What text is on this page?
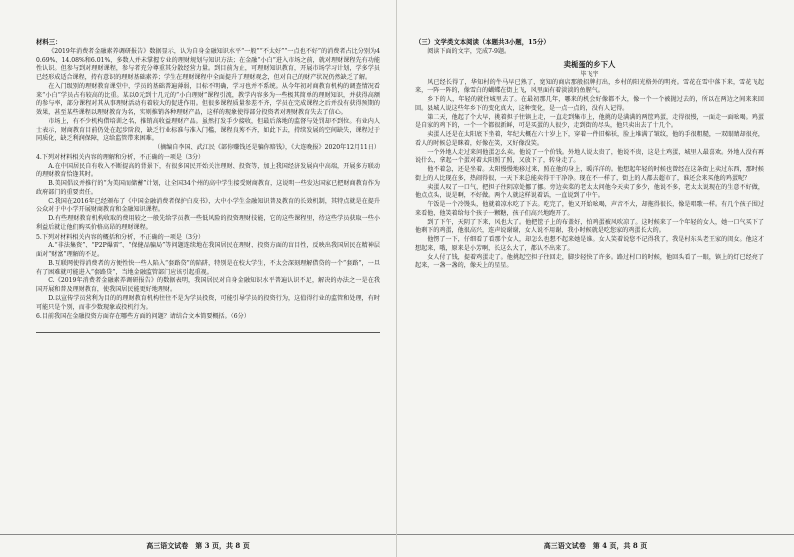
材料三：

《2019年消费者金融素养调研报告》数据显示，认为自身金融知识水平“一般”“不太好”“一点也不好”的消费者占比分别为40.69%、14.08%和6.01%，多数人并未掌握专业的理财规划与知识方法；在金融“小白”进入市场之前，就对理财课程先有功能性认识。但参与到对理财课程，参与者充分尊重其分散经营力量。到目前为止，可理财知识教育，开展市场学习计划，学多学员已经形成适合课程，持有意识的理财基础素养；学生在理财课程中全面提升了理财观念，但对自己的财产状况仍然缺乏了解。

在入门级别的理财教育课堂中，学员的基础普遍薄弱，目标不明确，学习也并不系统。从今年初对商教育机构的调查情况看来“小白”学员占有较高的比重。某以0元到十几元的“小白理财”课程引流，教学内容多为一些极其简单的理财知识，并获得高额的参与率，部分课程对其从事理财活动有着较大的促进作用。但很多课程质量参差不齐，学员在完成课程之后并没有获得预期的效果，甚至某些课程以理财教育为名，实则推销各种理财产品，这样的现象使得部分投资者对理财教育失去了信心。

市场上，有不少机构借培训之名，推销高收益理财产品。虽然打发手少接收，但最后落地的监督与处罚却不到位。有业内人士表示，财商教育目前仍处在起步阶段，缺乏行业标准与准入门槛，课程良莠不齐，如此下去，持续发展的空间缺失，课程过于同质化，缺乏利润保障，这给监管带来困难。

（摘编自李国、武江民《部你赚钱还是骗你赔钱》，《大连晚报》2020年12月11日）

4.下列对材料相关内容的理解和分析，不正确的一项是（3分）

A.在中国居民自有收入不断提高的背景下，有很多国民开始关注理财、投资等，加上我国经济发展向中高端，开展多方联动的理财教育恰逢其时。

B.美国倡议并推行的“为美国而储蓄”计划，让全国34个州的高中学生接受财商教育，这说明一些发达国家已把财商教育作为政府部门的重要责任。

C.我国在2016年已经颁布了《中国金融消费者保护白皮书》，大中小学生金融知识普及教育的长效机制，其特点就是在提升公众对于中小学开展财商教育和金融知识课程。

D.有些理财教育机构收取的费用较之一般先给学员教一些低风险的投资理财技能，它的这些课程里，待这些学员获取一些小利益后就让他们购买价格高昂的理财课程。

5.下列对材料相关内容的概括和分析，不正确的一项是（3分）

A.“非法集资”、“P2P爆雷”、“保健品骗局”等问题连续地在我国居民在理财、投资方面的盲目性，反映出我国居民在精神层面对“财富”理解的不足。

B.互联网使得消费者的方便性快一些人陷入“套路贷”的陷阱，特别是在校大学生，不太会深刻理解借贷的一个“套路”，一旦有了困难就可能进入“套路贷”，当地金融监管部门应该引起重视。

C.《2019年消费者金融素养调研报告》的数据表明，我国居民对自身金融知识水平普遍认识不足，解决的办法之一是在我国开展和普及理财教育，使我国居民能更好地理财。

D.以宣传学员营利为目的的理财教育机构往往不是为学员投资，可能引导学员的投资行为，这值得行业的监管和处理，有时可能只是个别，而非少数现象或投机行为。

6.目前我国在金融投资方面存在哪些方面的问题？请结合文本简要概括。（6分）

高三语文试卷　第 3 页，共 8 页

（三）文学类文本阅读（本题共3小题，15分）

阅读下面的文字，完成7-9题。

卖栀蛋的乡下人
毕飞宇

风已经长得了，华知村的牛马早已熟了，宽知的商店那般招牌打出，乡村的阳光格外的明亮。雪花在雪中落下来，雪花飞起来，一阵一阵的，像雪白的蝴蝶在街上飞，风里面有着淡淡的鱼腥气。

乡下的人，年轻的就往城里去了。在最初那几年，哪来的机会好像都不大，像一个一个被抛过去的，所以在两边之间来来回回。县城人说这些年乡下的变化真大，这种变化，是一点一点的，没有人记得。

第二天，他起了个大早，挑着担子往镇上走，一直走到集市上，他挑的是满满的两筐鸡蛋，走得很慢，一面走一面吆喝。鸡蛋是自家的鸡下的，一个一个都很新鲜，可是买蛋的人很少，走到街的尽头，他只卖出去了十几个。

卖蛋人还是在太阳底下坐着，年纪大概在六十岁上下，穿着一件旧棉袄，脸上堆满了皱纹，他的手很粗糙，一双眼睛却很亮，看人的时候总是眯着，好像在笑，又好像没笑。

一个外地人走过来问他蛋怎么卖。他说了一个价钱。外地人说太贵了，他说不贵，这是土鸡蛋，城里人最喜欢。外地人没有再说什么，拿起一个蛋对着太阳照了照，又放下了，转身走了。

他不着急，还是坐着。太阳慢慢地移过来，照在他的身上，暖洋洋的。他想起年轻的时候也曾经在这条街上卖过东西，那时候街上的人比现在多，热闹得很，一天下来总能卖得干干净净。现在不一样了，街上的人都去超市了，谁还会来买他的鸡蛋呢？

卖蛋人叹了一口气，把担子往阴凉处挪了挪。旁边卖菜的老太太问他今天卖了多少，他说不多，老太太说现在的生意不好做，他点点头，说是啊，不好做。两个人就这样说着话，一直说到了中午。

午饭是一个冷馒头，他就着凉水吃了下去。吃完了，他又开始吆喝，声音不大，却拖得很长，像是唱歌一样。有几个孩子围过来看他，他笑着给每个孩子一颗糖，孩子们高兴地跑开了。

到了下午，天阴了下来，风也大了。他把筐子上的布盖好，怕鸡蛋被风吹凉了。这时候来了一个年轻的女人，她一口气买下了他剩下的鸡蛋，他很高兴，连声说谢谢，女人说不用谢，我小时候就是吃您家的鸡蛋长大的。

他愣了一下，仔细看了看那个女人，却怎么也想不起来她是谁。女人笑着说您不记得我了，我是村东头老王家的闺女。他这才想起来，哦，原来是小芳啊，长这么大了，都认不出来了。

女人付了钱，提着鸡蛋走了。他挑起空担子往回走，脚步轻快了许多。路过村口的时候，他回头看了一眼，镇上的灯已经亮了起来，一盏一盏的，像天上的星星。

高三语文试卷　第 4 页，共 8 页
